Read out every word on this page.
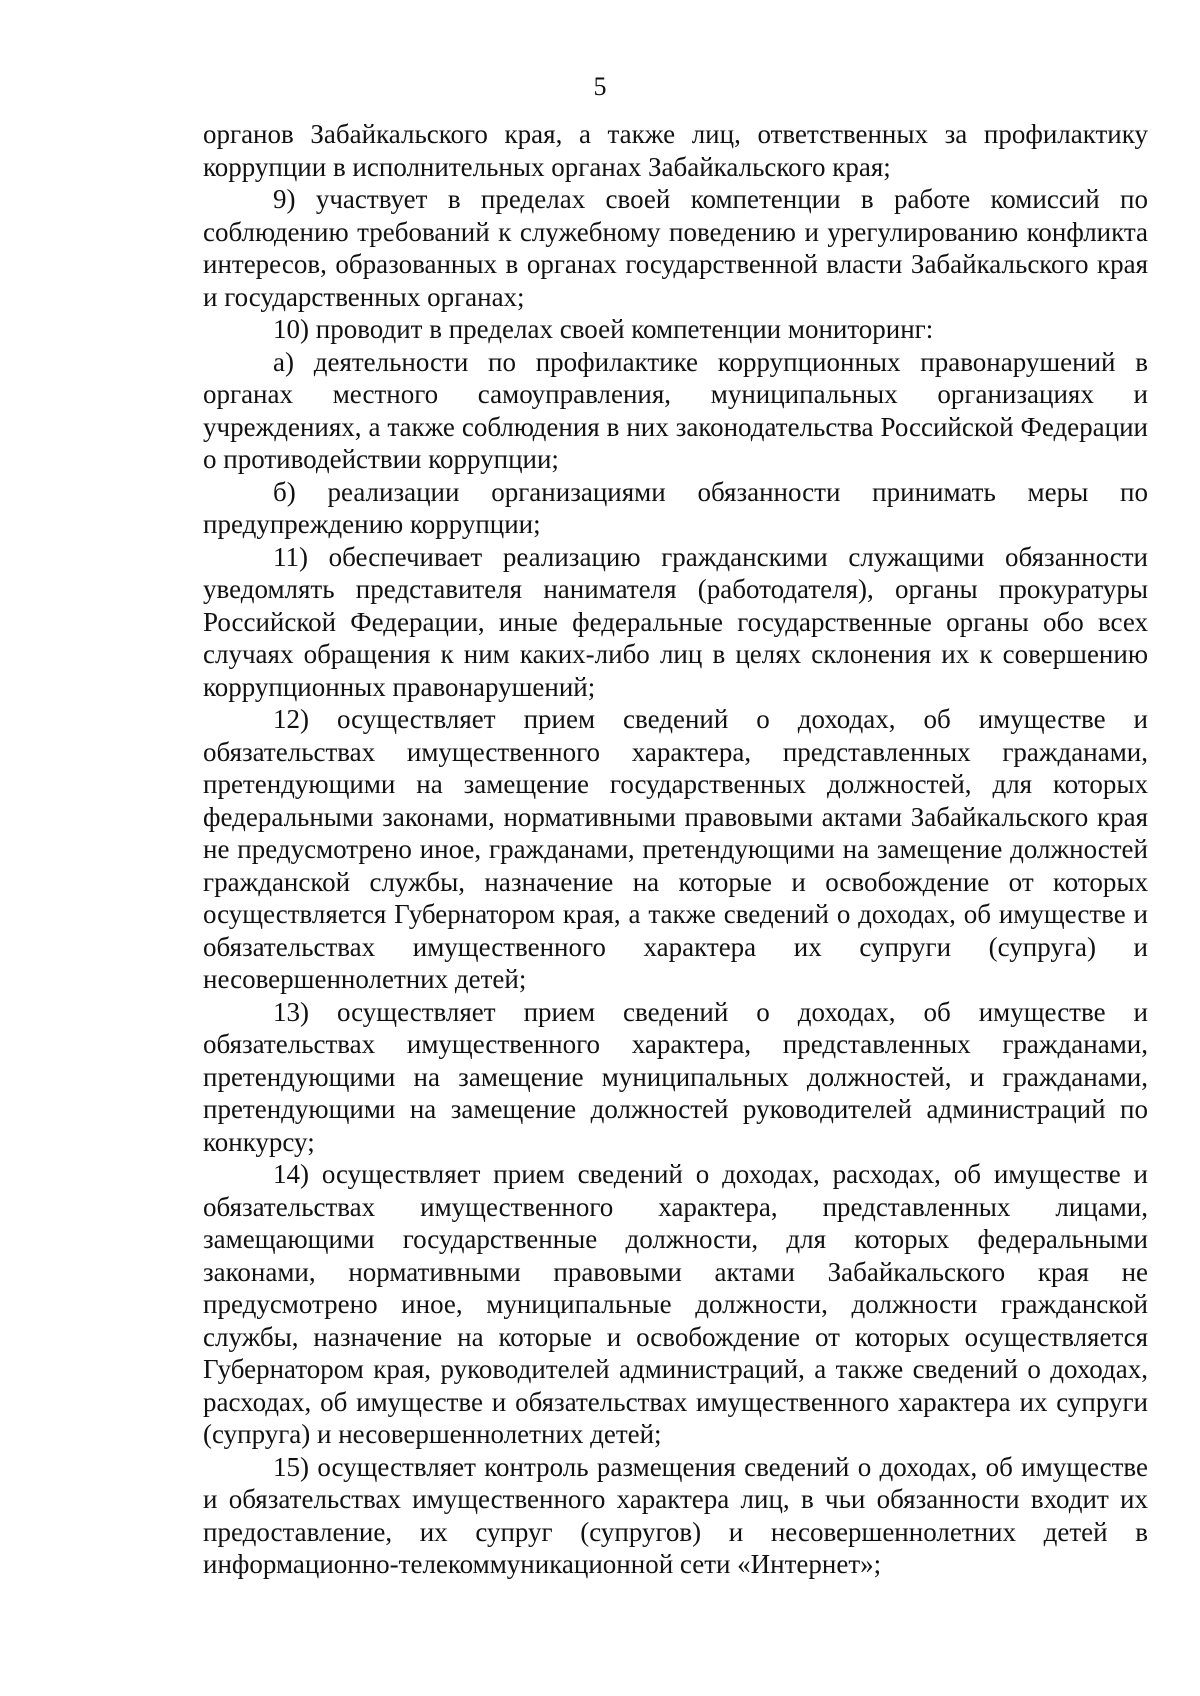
5

органов Забайкальского края, а также лиц, ответственных за профилактику коррупции в исполнительных органах Забайкальского края;

9) участвует в пределах своей компетенции в работе комиссий по соблюдению требований к служебному поведению и урегулированию конфликта интересов, образованных в органах государственной власти Забайкальского края и государственных органах;

10) проводит в пределах своей компетенции мониторинг:

а) деятельности по профилактике коррупционных правонарушений в органах местного самоуправления, муниципальных организациях и учреждениях, а также соблюдения в них законодательства Российской Федерации о противодействии коррупции;

б) реализации организациями обязанности принимать меры по предупреждению коррупции;

11) обеспечивает реализацию гражданскими служащими обязанности уведомлять представителя нанимателя (работодателя), органы прокуратуры Российской Федерации, иные федеральные государственные органы обо всех случаях обращения к ним каких-либо лиц в целях склонения их к совершению коррупционных правонарушений;

12) осуществляет прием сведений о доходах, об имуществе и обязательствах имущественного характера, представленных гражданами, претендующими на замещение государственных должностей, для которых федеральными законами, нормативными правовыми актами Забайкальского края не предусмотрено иное, гражданами, претендующими на замещение должностей гражданской службы, назначение на которые и освобождение от которых осуществляется Губернатором края, а также сведений о доходах, об имуществе и обязательствах имущественного характера их супруги (супруга) и несовершеннолетних детей;

13) осуществляет прием сведений о доходах, об имуществе и обязательствах имущественного характера, представленных гражданами, претендующими на замещение муниципальных должностей, и гражданами, претендующими на замещение должностей руководителей администраций по конкурсу;

14) осуществляет прием сведений о доходах, расходах, об имуществе и обязательствах имущественного характера, представленных лицами, замещающими государственные должности, для которых федеральными законами, нормативными правовыми актами Забайкальского края не предусмотрено иное, муниципальные должности, должности гражданской службы, назначение на которые и освобождение от которых осуществляется Губернатором края, руководителей администраций, а также сведений о доходах, расходах, об имуществе и обязательствах имущественного характера их супруги (супруга) и несовершеннолетних детей;

15) осуществляет контроль размещения сведений о доходах, об имуществе и обязательствах имущественного характера лиц, в чьи обязанности входит их предоставление, их супруг (супругов) и несовершеннолетних детей в информационно-телекоммуникационной сети «Интернет»;
